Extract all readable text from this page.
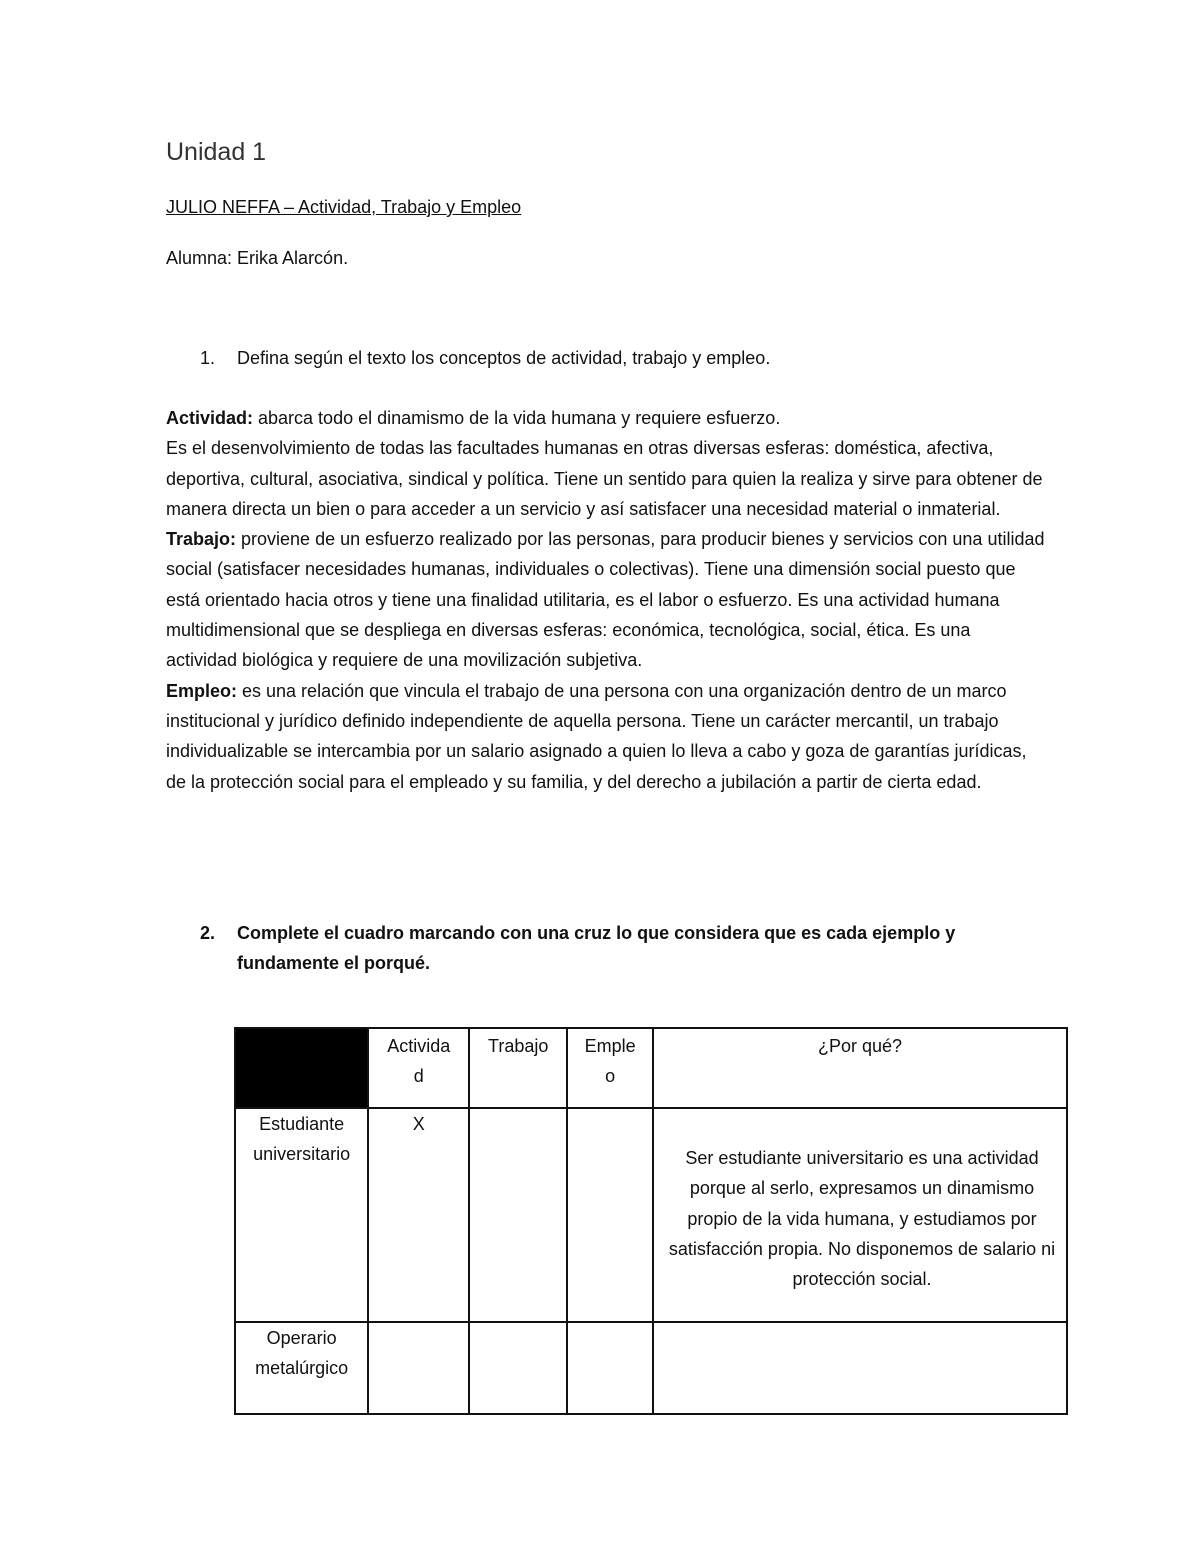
Unidad 1

JULIO NEFFA – Actividad, Trabajo y Empleo

Alumna: Erika Alarcón.

1. Defina según el texto los conceptos de actividad, trabajo y empleo.

Actividad: abarca todo el dinamismo de la vida humana y requiere esfuerzo.

Es el desenvolvimiento de todas las facultades humanas en otras diversas esferas: doméstica, afectiva, deportiva, cultural, asociativa, sindical y política. Tiene un sentido para quien la realiza y sirve para obtener de manera directa un bien o para acceder a un servicio y así satisfacer una necesidad material o inmaterial.

Trabajo: proviene de un esfuerzo realizado por las personas, para producir bienes y servicios con una utilidad social (satisfacer necesidades humanas, individuales o colectivas). Tiene una dimensión social puesto que está orientado hacia otros y tiene una finalidad utilitaria, es el labor o esfuerzo. Es una actividad humana multidimensional que se despliega en diversas esferas: económica, tecnológica, social, ética. Es una actividad biológica y requiere de una movilización subjetiva.

Empleo: es una relación que vincula el trabajo de una persona con una organización dentro de un marco institucional y jurídico definido independiente de aquella persona. Tiene un carácter mercantil, un trabajo individualizable se intercambia por un salario asignado a quien lo lleva a cabo y goza de garantías jurídicas, de la protección social para el empleado y su familia, y del derecho a jubilación a partir de cierta edad.

2. Complete el cuadro marcando con una cruz lo que considera que es cada ejemplo y fundamente el porqué.
	Actividad	Trabajo	Empleo	¿Por qué?
Estudiante universitario	X			Ser estudiante universitario es una actividad porque al serlo, expresamos un dinamismo propio de la vida humana, y estudiamos por satisfacción propia. No disponemos de salario ni protección social.
Operario metalúrgico				
